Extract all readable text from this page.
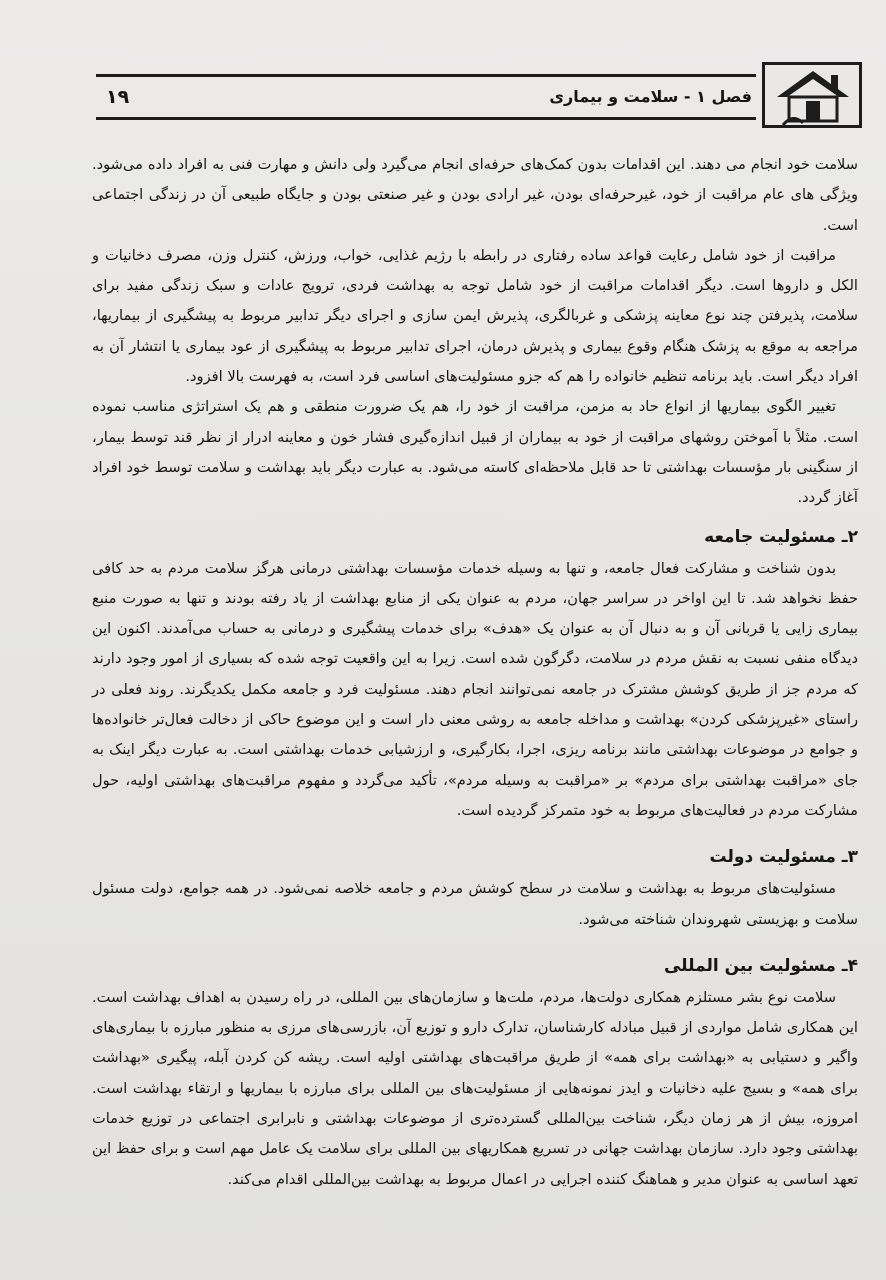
۱۹	فصل ۱ - سلامت و بیماری

سلامت خود انجام می دهند. این اقدامات بدون کمک‌های حرفه‌ای انجام می‌گیرد ولی دانش و مهارت فنی به افراد داده می‌شود. ویژگی‌ های عام مراقبت از خود، غیرحرفه‌ای بودن، غیر ارادی بودن و غیر صنعتی بودن و جایگاه طبیعی آن در زندگی اجتماعی است.

مراقبت از خود شامل رعایت قواعد ساده رفتاری در رابطه با رژیم غذایی، خواب، ورزش، کنترل وزن، مصرف دخانیات و الکل و داروها است. دیگر اقدامات مراقبت از خود شامل توجه به بهداشت فردی، ترویج عادات و سبک زندگی مفید برای سلامت، پذیرفتن چند نوع معاینه پزشکی و غربالگری، پذیرش ایمن سازی و اجرای دیگر تدابیر مربوط به پیشگیری از بیماریها، مراجعه به موقع به پزشک هنگام وقوع بیماری و پذیرش درمان، اجرای تدابیر مربوط به پیشگیری از عود بیماری یا انتشار آن به افراد دیگر است. باید برنامه تنظیم خانواده را هم که جزو مسئولیت‌های اساسی فرد است، به فهرست بالا افزود.

تغییر الگوی بیماریها از انواع حاد به مزمن، مراقبت از خود را، هم یک ضرورت منطقی و هم یک استراتژی مناسب نموده است. مثلاً با آموختن روشهای مراقبت از خود به بیماران از قبیل اندازه‌گیری فشار خون و معاینه ادرار از نظر قند توسط بیمار، از سنگینی بار مؤسسات بهداشتی تا حد قابل ملاحظه‌ای کاسته می‌شود. به عبارت دیگر باید بهداشت و سلامت توسط خود افراد آغاز گردد.

۲ـ مسئولیت جامعه

بدون شناخت و مشارکت فعال جامعه، و تنها به وسیله خدمات مؤسسات بهداشتی درمانی هرگز سلامت مردم به حد کافی حفظ نخواهد شد. تا این اواخر در سراسر جهان، مردم به عنوان یکی از منابع بهداشت از یاد رفته بودند و تنها به صورت منبع بیماری زایی یا قربانی آن و به دنبال آن به عنوان یک «هدف» برای خدمات پیشگیری و درمانی به حساب می‌آمدند. اکنون این دیدگاه منفی نسبت به نقش مردم در سلامت، دگرگون شده است. زیرا به این واقعیت توجه شده که بسیاری از امور وجود دارند که مردم جز از طریق کوشش مشترک در جامعه نمی‌توانند انجام دهند. مسئولیت فرد و جامعه مکمل یکدیگرند. روند فعلی در راستای «غیرپزشکی کردن» بهداشت و مداخله جامعه به روشی معنی دار است و این موضوع حاکی از دخالت فعال‌تر خانواده‌ها و جوامع در موضوعات بهداشتی مانند برنامه ریزی، اجرا، بکارگیری، و ارزشیابی خدمات بهداشتی است. به عبارت دیگر اینک به جای «مراقبت بهداشتی برای مردم» بر «مراقبت به وسیله مردم»، تأکید می‌گردد و مفهوم مراقبت‌های بهداشتی اولیه، حول مشارکت مردم در فعالیت‌های مربوط به خود متمرکز گردیده است.

۳ـ مسئولیت دولت

مسئولیت‌های مربوط به بهداشت و سلامت در سطح کوشش مردم و جامعه خلاصه نمی‌شود. در همه جوامع، دولت مسئول سلامت و بهزیستی شهروندان شناخته می‌شود.

۴ـ مسئولیت بین المللی

سلامت نوع بشر مستلزم همکاری دولت‌ها، مردم، ملت‌ها و سازمان‌های بین المللی، در راه رسیدن به اهداف بهداشت است. این همکاری شامل مواردی از قبیل مبادله کارشناسان، تدارک دارو و توزیع آن، بازرسی‌های مرزی به منظور مبارزه با بیماری‌های واگیر و دستیابی به «بهداشت برای همه» از طریق مراقبت‌های بهداشتی اولیه است. ریشه کن کردن آبله، پیگیری «بهداشت برای همه» و بسیج علیه دخانیات و ایدز نمونه‌هایی از مسئولیت‌های بین المللی برای مبارزه با بیماریها و ارتقاء بهداشت است. امروزه، بیش از هر زمان دیگر، شناخت بین‌المللی گسترده‌تری از موضوعات بهداشتی و نابرابری اجتماعی در توزیع خدمات بهداشتی وجود دارد. سازمان بهداشت جهانی در تسریع همکاریهای بین المللی برای سلامت یک عامل مهم است و برای حفظ این تعهد اساسی به عنوان مدیر و هماهنگ کننده اجرایی در اعمال مربوط به بهداشت بین‌المللی اقدام می‌کند.
